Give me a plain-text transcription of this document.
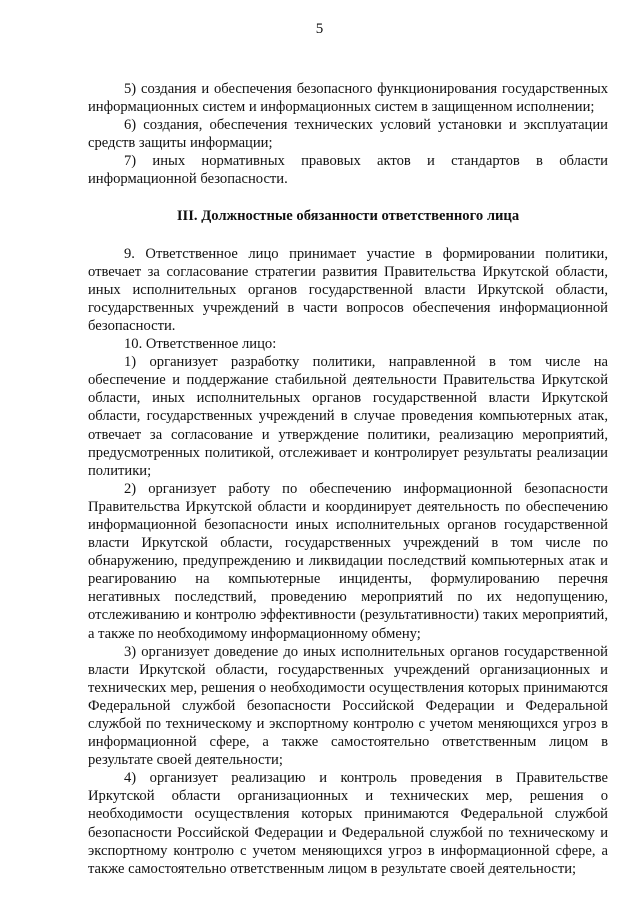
5

5) создания и обеспечения безопасного функционирования государственных информационных систем и информационных систем в защищенном исполнении;

6) создания, обеспечения технических условий установки и эксплуатации средств защиты информации;

7) иных нормативных правовых актов и стандартов в области информационной безопасности.

III. Должностные обязанности ответственного лица

9. Ответственное лицо принимает участие в формировании политики, отвечает за согласование стратегии развития Правительства Иркутской области, иных исполнительных органов государственной власти Иркутской области, государственных учреждений в части вопросов обеспечения информационной безопасности.

10. Ответственное лицо:

1) организует разработку политики, направленной в том числе на обеспечение и поддержание стабильной деятельности Правительства Иркутской области, иных исполнительных органов государственной власти Иркутской области, государственных учреждений в случае проведения компьютерных атак, отвечает за согласование и утверждение политики, реализацию мероприятий, предусмотренных политикой, отслеживает и контролирует результаты реализации политики;

2) организует работу по обеспечению информационной безопасности Правительства Иркутской области и координирует деятельность по обеспечению информационной безопасности иных исполнительных органов государственной власти Иркутской области, государственных учреждений в том числе по обнаружению, предупреждению и ликвидации последствий компьютерных атак и реагированию на компьютерные инциденты, формулированию перечня негативных последствий, проведению мероприятий по их недопущению, отслеживанию и контролю эффективности (результативности) таких мероприятий, а также по необходимому информационному обмену;

3) организует доведение до иных исполнительных органов государственной власти Иркутской области, государственных учреждений организационных и технических мер, решения о необходимости осуществления которых принимаются Федеральной службой безопасности Российской Федерации и Федеральной службой по техническому и экспортному контролю с учетом меняющихся угроз в информационной сфере, а также самостоятельно ответственным лицом в результате своей деятельности;

4) организует реализацию и контроль проведения в Правительстве Иркутской области организационных и технических мер, решения о необходимости осуществления которых принимаются Федеральной службой безопасности Российской Федерации и Федеральной службой по техническому и экспортному контролю с учетом меняющихся угроз в информационной сфере, а также самостоятельно ответственным лицом в результате своей деятельности;
